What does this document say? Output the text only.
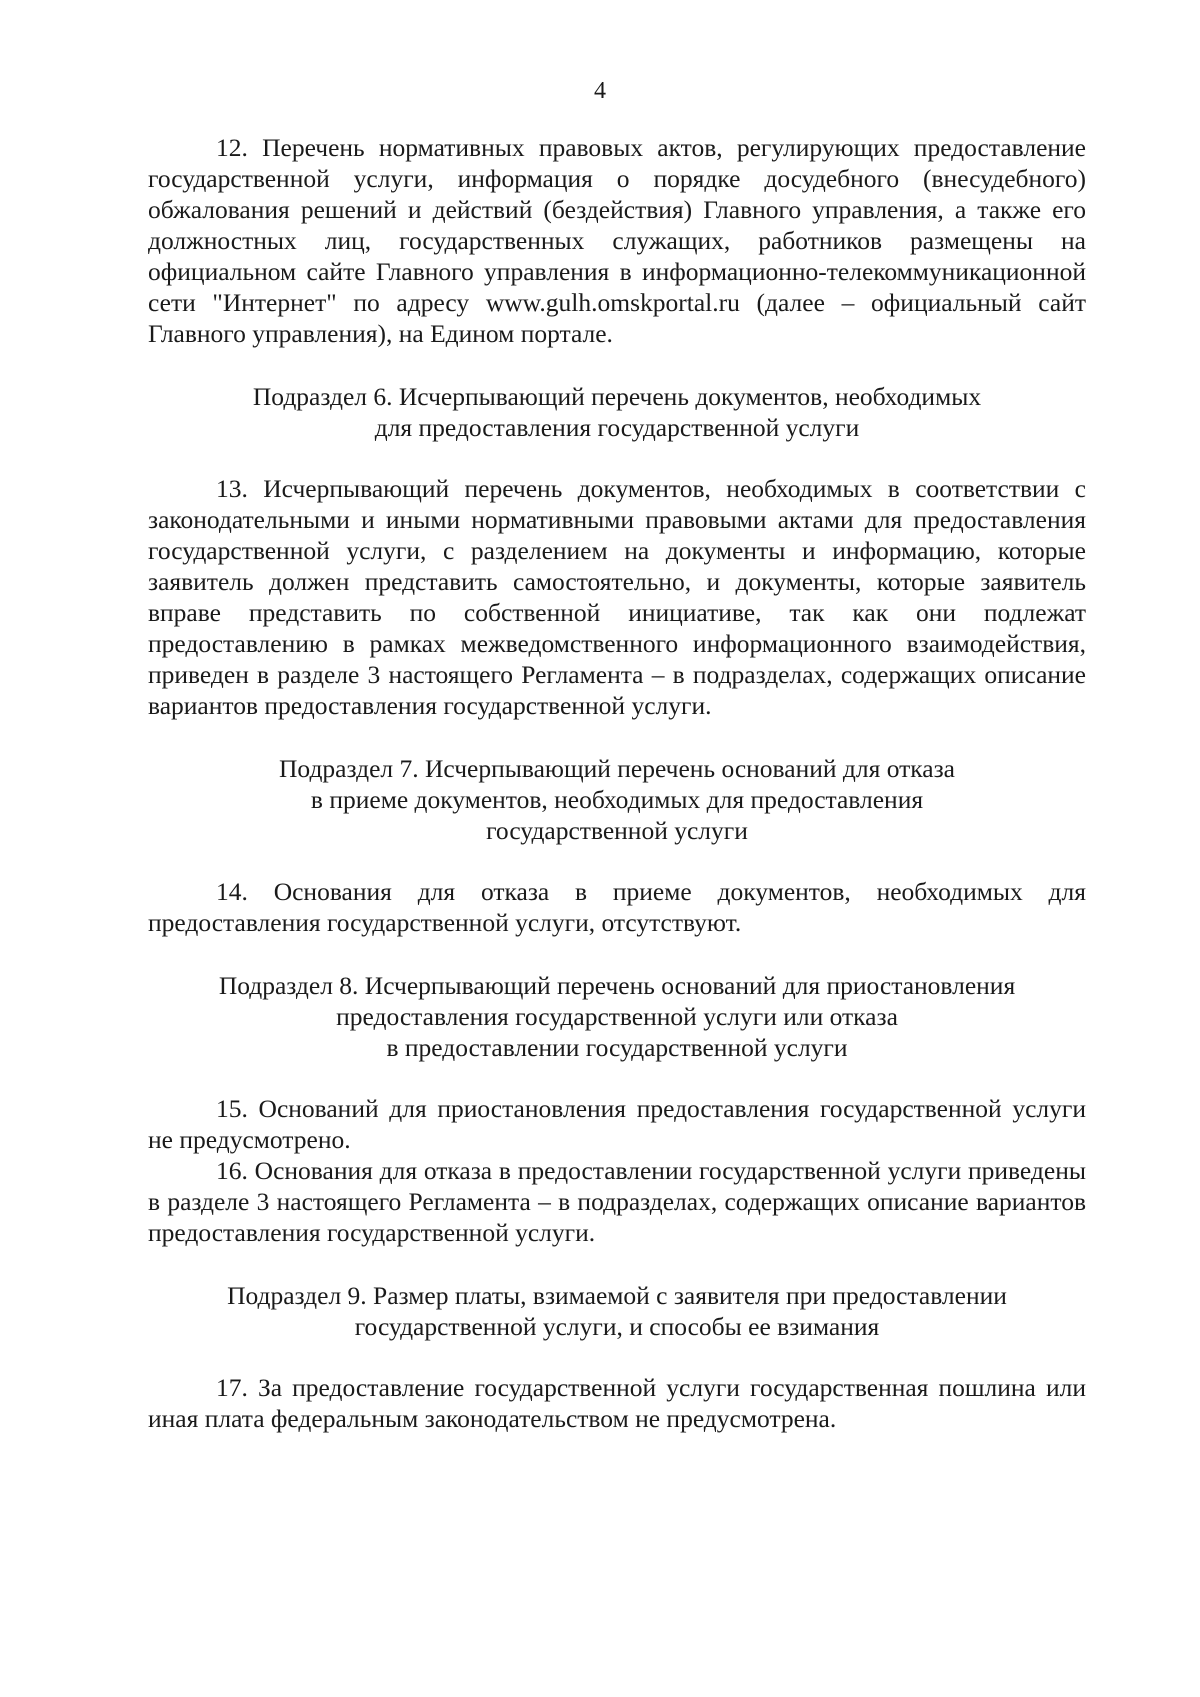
4

12. Перечень нормативных правовых актов, регулирующих предоставление государственной услуги, информация о порядке досудебного (внесудебного) обжалования решений и действий (бездействия) Главного управления, а также его должностных лиц, государственных служащих, работников размещены на официальном сайте Главного управления в информационно-телекоммуникационной сети "Интернет" по адресу www.gulh.omskportal.ru (далее – официальный сайт Главного управления), на Едином портале.

Подраздел 6. Исчерпывающий перечень документов, необходимых
для предоставления государственной услуги

13. Исчерпывающий перечень документов, необходимых в соответствии с законодательными и иными нормативными правовыми актами для предоставления государственной услуги, с разделением на документы и информацию, которые заявитель должен представить самостоятельно, и документы, которые заявитель вправе представить по собственной инициативе, так как они подлежат предоставлению в рамках межведомственного информационного взаимодействия, приведен в разделе 3 настоящего Регламента – в подразделах, содержащих описание вариантов предоставления государственной услуги.

Подраздел 7. Исчерпывающий перечень оснований для отказа
в приеме документов, необходимых для предоставления
государственной услуги

14. Основания для отказа в приеме документов, необходимых для предоставления государственной услуги, отсутствуют.

Подраздел 8. Исчерпывающий перечень оснований для приостановления
предоставления государственной услуги или отказа
в предоставлении государственной услуги

15. Оснований для приостановления предоставления государственной услуги не предусмотрено.

16. Основания для отказа в предоставлении государственной услуги приведены в разделе 3 настоящего Регламента – в подразделах, содержащих описание вариантов предоставления государственной услуги.

Подраздел 9. Размер платы, взимаемой с заявителя при предоставлении
государственной услуги, и способы ее взимания

17. За предоставление государственной услуги государственная пошлина или иная плата федеральным законодательством не предусмотрена.
